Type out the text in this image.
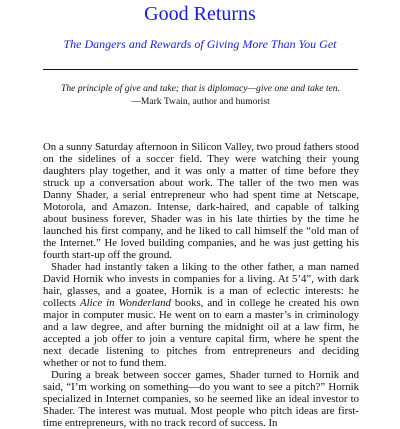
Good Returns
The Dangers and Rewards of Giving More Than You Get
The principle of give and take; that is diplomacy—give one and take ten.
—Mark Twain, author and humorist

On a sunny Saturday afternoon in Silicon Valley, two proud fathers stood on the sidelines of a soccer field. They were watching their young daughters play together, and it was only a matter of time before they struck up a conversation about work. The taller of the two men was Danny Shader, a serial entrepreneur who had spent time at Netscape, Motorola, and Amazon. Intense, dark-haired, and capable of talking about business forever, Shader was in his late thirties by the time he launched his first company, and he liked to call himself the “old man of the Internet.” He loved building companies, and he was just getting his fourth start-up off the ground.

Shader had instantly taken a liking to the other father, a man named David Hornik who invests in companies for a living. At 5’4”, with dark hair, glasses, and a goatee, Hornik is a man of eclectic interests: he collects Alice in Wonderland books, and in college he created his own major in computer music. He went on to earn a master’s in criminology and a law degree, and after burning the midnight oil at a law firm, he accepted a job offer to join a venture capital firm, where he spent the next decade listening to pitches from entrepreneurs and deciding whether or not to fund them.

During a break between soccer games, Shader turned to Hornik and said, “I’m working on something—do you want to see a pitch?” Hornik specialized in Internet companies, so he seemed like an ideal investor to Shader. The interest was mutual. Most people who pitch ideas are first-time entrepreneurs, with no track record of success. In
